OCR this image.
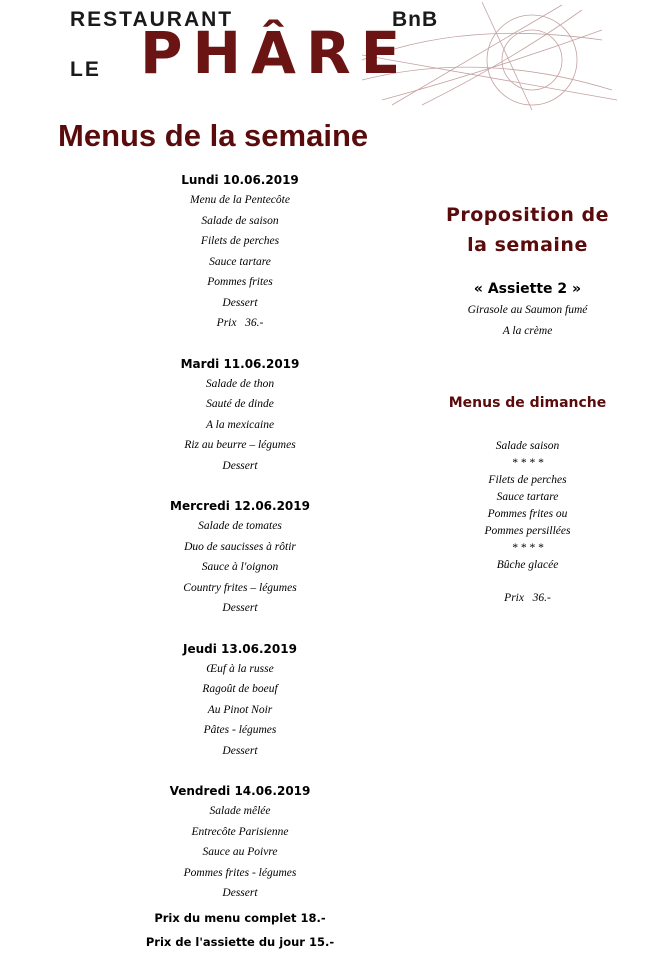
RESTAURANT	BnB
LE PHÂRE
Menus de la semaine
Lundi 10.06.2019
Menu de la Pentecôte
Salade de saison
Filets de perches
Sauce tartare
Pommes frites
Dessert
Prix   36.-
Mardi 11.06.2019
Salade de thon
Sauté de dinde
A la mexicaine
Riz au beurre – légumes
Dessert
Mercredi 12.06.2019
Salade de tomates
Duo de saucisses à rôtir
Sauce à l'oignon
Country frites – légumes
Dessert
Jeudi 13.06.2019
Œuf à la russe
Ragoût de boeuf
Au Pinot Noir
Pâtes - légumes
Dessert
Vendredi 14.06.2019
Salade mêlée
Entrecôte Parisienne
Sauce au Poivre
Pommes frites - légumes
Dessert
Prix du menu complet 18.-
Prix de l'assiette du jour 15.-
Proposition de
la semaine
« Assiette 2 »
Girasole au Saumon fumé
A la crème
Menus de dimanche
Salade saison
* * * *
Filets de perches
Sauce tartare
Pommes frites ou
Pommes persillées
* * * *
Bûche glacée
Prix   36.-
